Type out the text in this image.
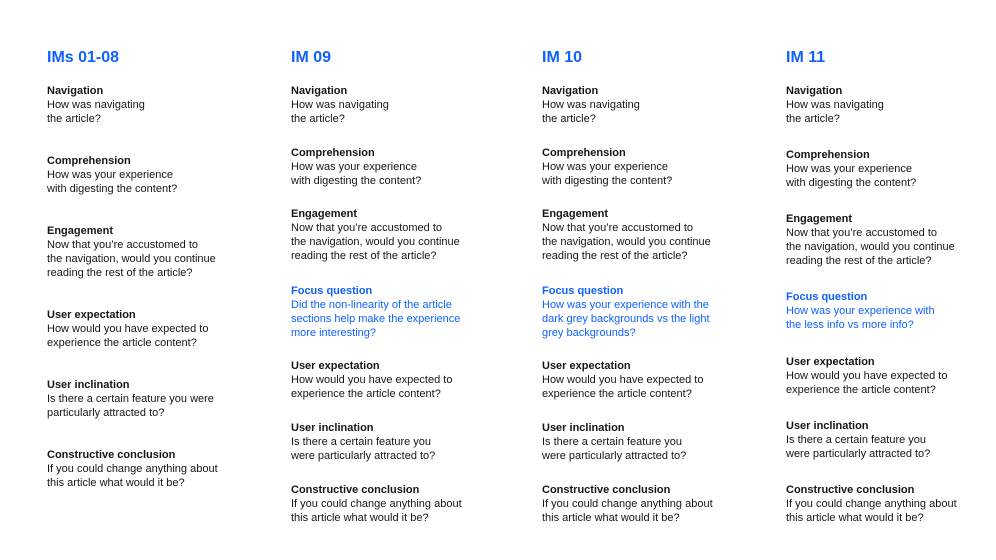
IMs 01-08
Navigation
How was navigating
the article?
Comprehension
How was your experience
with digesting the content?
Engagement
Now that you’re accustomed to
the navigation, would you continue
reading the rest of the article?
User expectation
How would you have expected to
experience the article content?
User inclination
Is there a certain feature you were
particularly attracted to?
Constructive conclusion
If you could change anything about
this article what would it be?
IM 09
Navigation
How was navigating
the article?
Comprehension
How was your experience
with digesting the content?
Engagement
Now that you’re accustomed to
the navigation, would you continue
reading the rest of the article?
Focus question
Did the non-linearity of the article
sections help make the experience
more interesting?
User expectation
How would you have expected to
experience the article content?
User inclination
Is there a certain feature you
were particularly attracted to?
Constructive conclusion
If you could change anything about
this article what would it be?
IM 10
Navigation
How was navigating
the article?
Comprehension
How was your experience
with digesting the content?
Engagement
Now that you’re accustomed to
the navigation, would you continue
reading the rest of the article?
Focus question
How was your experience with the
dark grey backgrounds vs the light
grey backgrounds?
User expectation
How would you have expected to
experience the article content?
User inclination
Is there a certain feature you
were particularly attracted to?
Constructive conclusion
If you could change anything about
this article what would it be?
IM 11
Navigation
How was navigating
the article?
Comprehension
How was your experience
with digesting the content?
Engagement
Now that you’re accustomed to
the navigation, would you continue
reading the rest of the article?
Focus question
How was your experience with
the less info vs more info?
User expectation
How would you have expected to
experience the article content?
User inclination
Is there a certain feature you
were particularly attracted to?
Constructive conclusion
If you could change anything about
this article what would it be?
